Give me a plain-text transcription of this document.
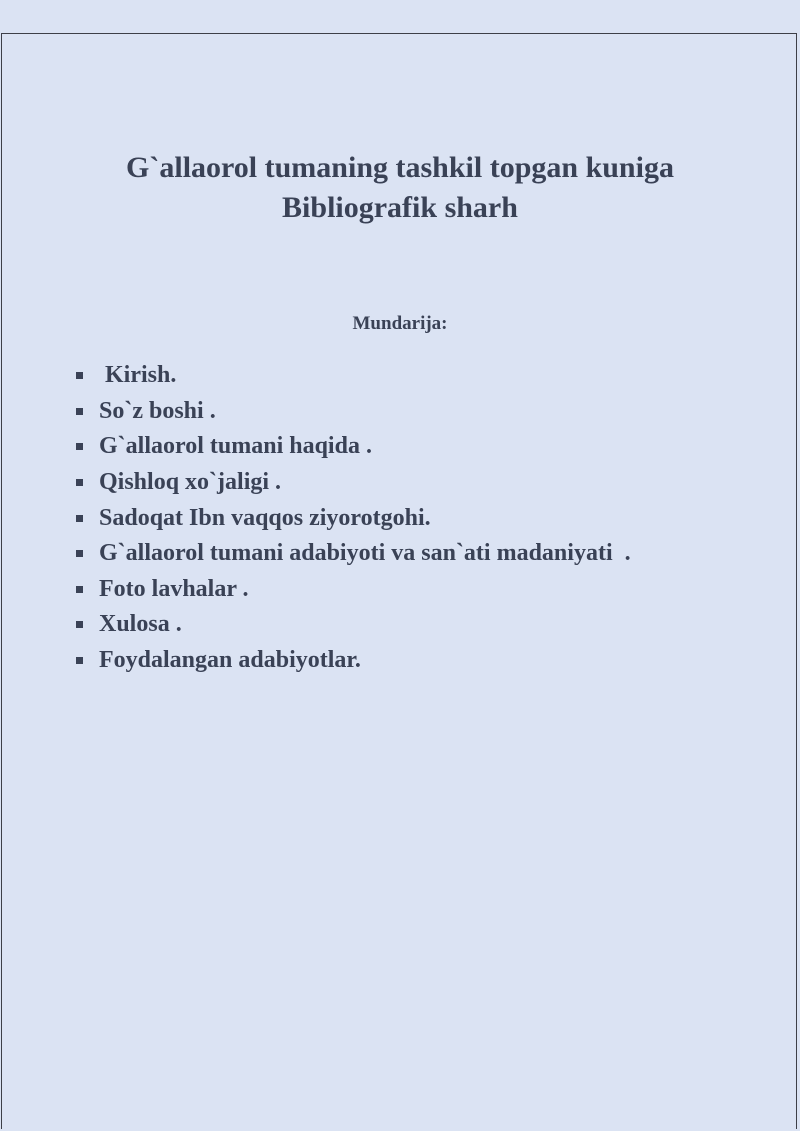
G`allaorol tumaning tashkil topgan kuniga
Bibliografik sharh
Mundarija:
Kirish.
So`z boshi .
G`allaorol tumani haqida .
Qishloq xo`jaligi .
Sadoqat Ibn vaqqos ziyorotgohi.
G`allaorol tumani adabiyoti va san`ati madaniyati  .
Foto lavhalar .
Xulosa .
Foydalangan adabiyotlar.
